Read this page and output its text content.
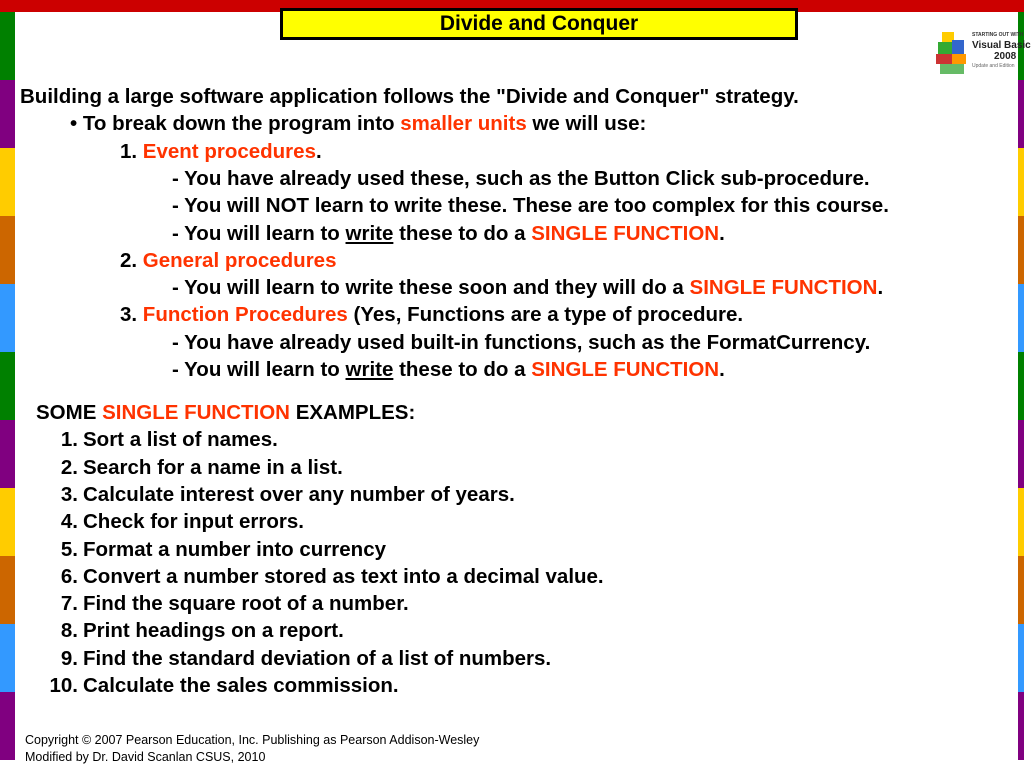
Divide and Conquer	STARTING OUT WITH
Visual Basic
2008
Update and Edition
Building a large software application follows the "Divide and Conquer" strategy.
• To break down the program into smaller units we will use:
1. Event procedures.
- You have already used these, such as the Button Click sub-procedure.
- You will NOT learn to write these. These are too complex for this course.
- You will learn to write these to do a SINGLE FUNCTION.
2. General procedures
- You will learn to write these soon and they will do a SINGLE FUNCTION.
3. Function Procedures (Yes, Functions are a type of procedure.
- You have already used built-in functions, such as the FormatCurrency.
- You will learn to write these to do a SINGLE FUNCTION.
SOME SINGLE FUNCTION EXAMPLES:
1. Sort a list of names.
2. Search for a name in a list.
3. Calculate interest over any number of years.
4. Check for input errors.
5. Format a number into currency
6. Convert a number stored as text into a decimal value.
7. Find the square root of a number.
8. Print headings on a report.
9. Find the standard deviation of a list of numbers.
10. Calculate the sales commission.
Copyright © 2007 Pearson Education, Inc. Publishing as Pearson Addison-Wesley
Modified by Dr. David Scanlan CSUS, 2010
